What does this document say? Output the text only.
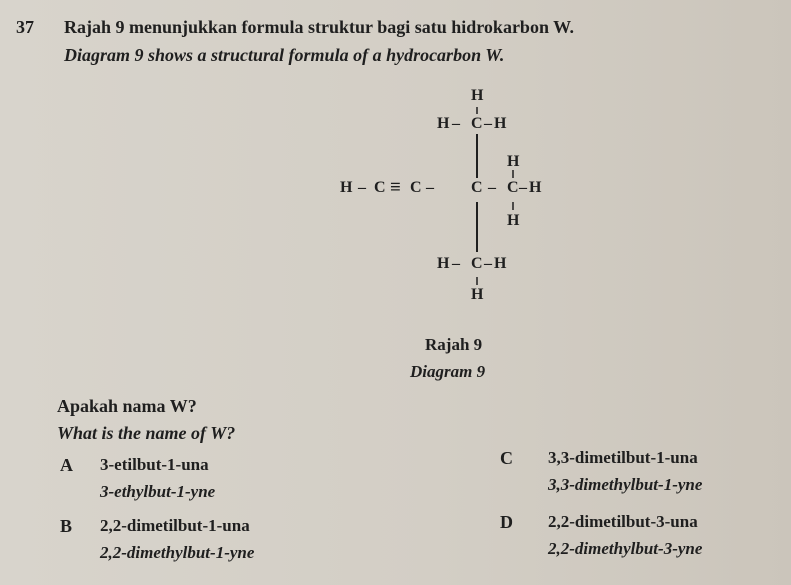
37 Rajah 9 menunjukkan formula struktur bagi satu hidrokarbon W.
Diagram 9 shows a structural formula of a hydrocarbon W.
H
H – C – H
H – C ≡ C – C – C – H
H
H
H – C – H
H
Rajah 9
Diagram 9
Apakah nama W?
What is the name of W?
A 3-etilbut-1-una
3-ethylbut-1-yne
B 2,2-dimetilbut-1-una
2,2-dimethylbut-1-yne
C 3,3-dimetilbut-1-una
3,3-dimethylbut-1-yne
D 2,2-dimetilbut-3-una
2,2-dimethylbut-3-yne
